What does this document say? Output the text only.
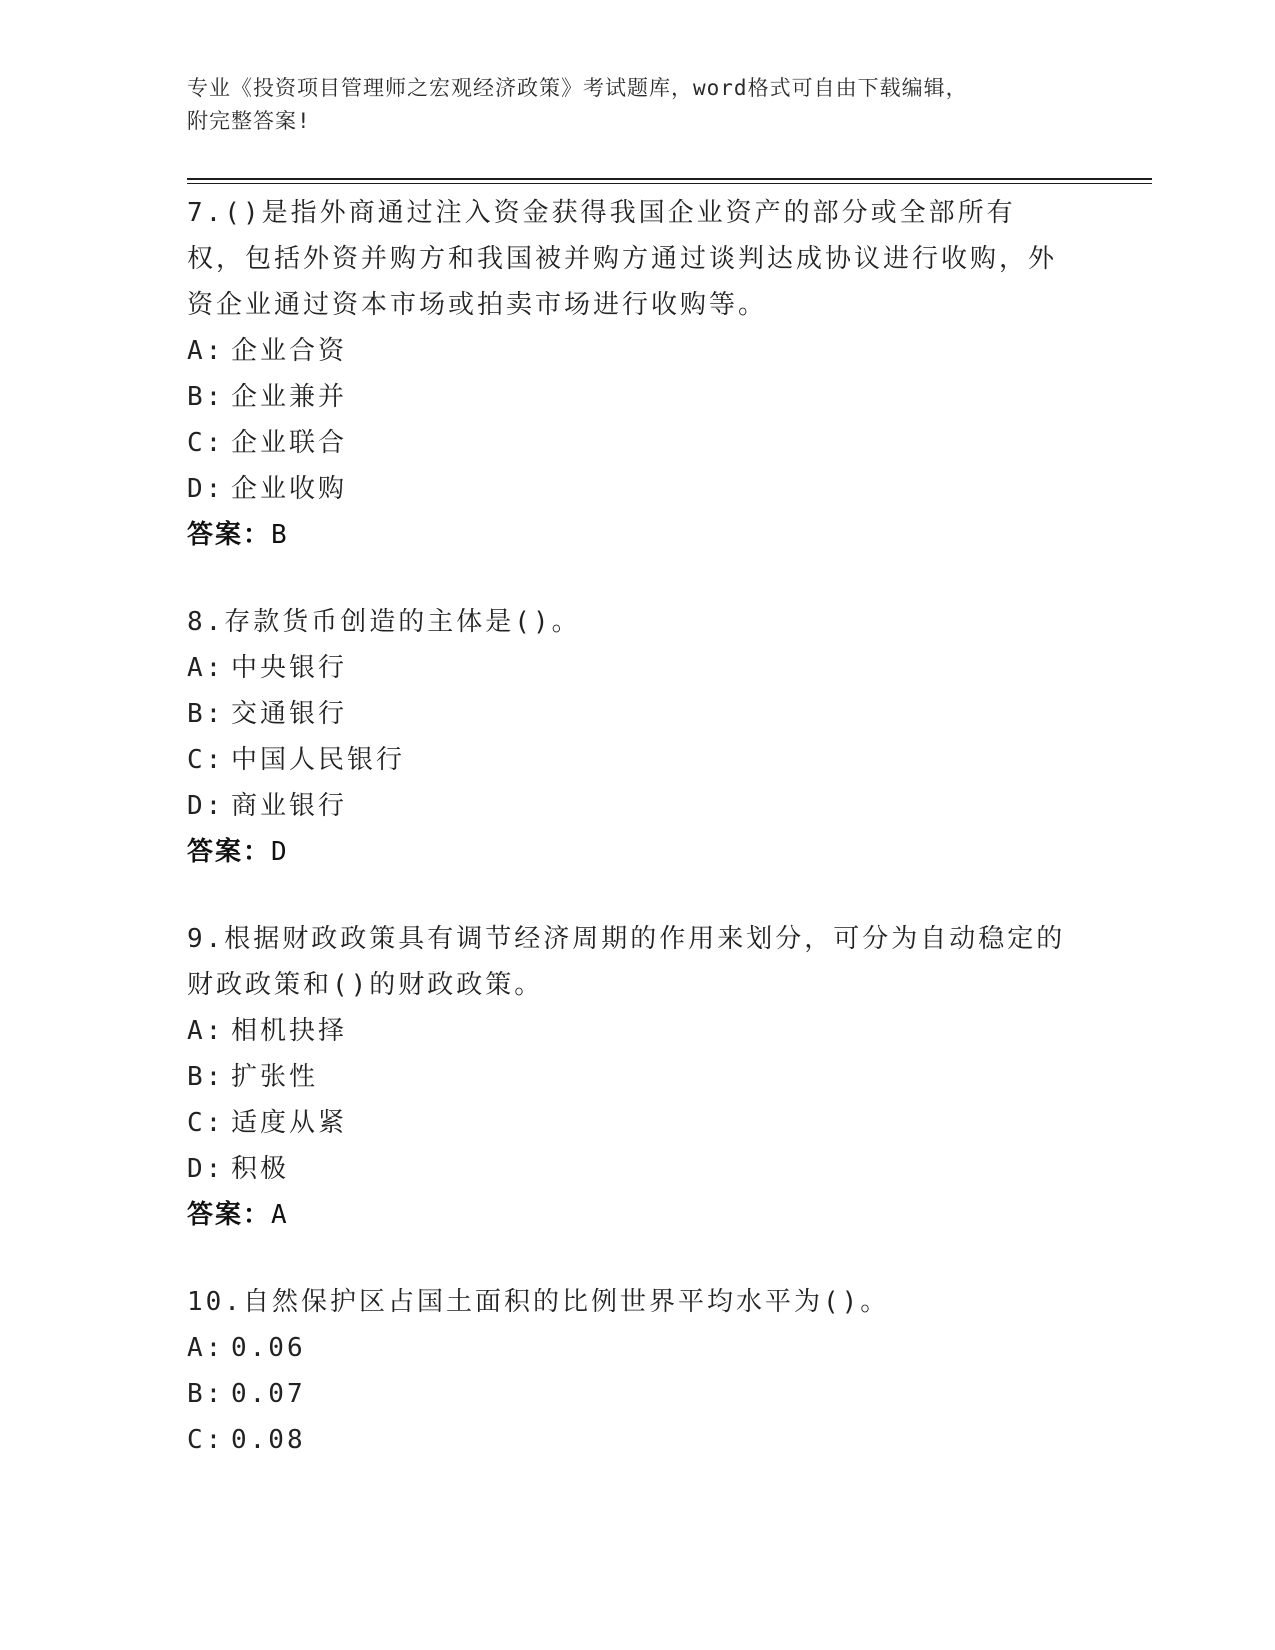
专业《投资项目管理师之宏观经济政策》考试题库，word格式可自由下载编辑，
附完整答案!
7.()是指外商通过注入资金获得我国企业资产的部分或全部所有权，包括外资并购方和我国被并购方通过谈判达成协议进行收购，外资企业通过资本市场或拍卖市场进行收购等。
A: 企业合资
B: 企业兼并
C: 企业联合
D: 企业收购
答案：B
8.存款货币创造的主体是()。
A: 中央银行
B: 交通银行
C: 中国人民银行
D: 商业银行
答案：D
9.根据财政政策具有调节经济周期的作用来划分，可分为自动稳定的财政政策和()的财政政策。
A: 相机抉择
B: 扩张性
C: 适度从紧
D: 积极
答案：A
10.自然保护区占国土面积的比例世界平均水平为()。
A: 0.06
B: 0.07
C: 0.08
